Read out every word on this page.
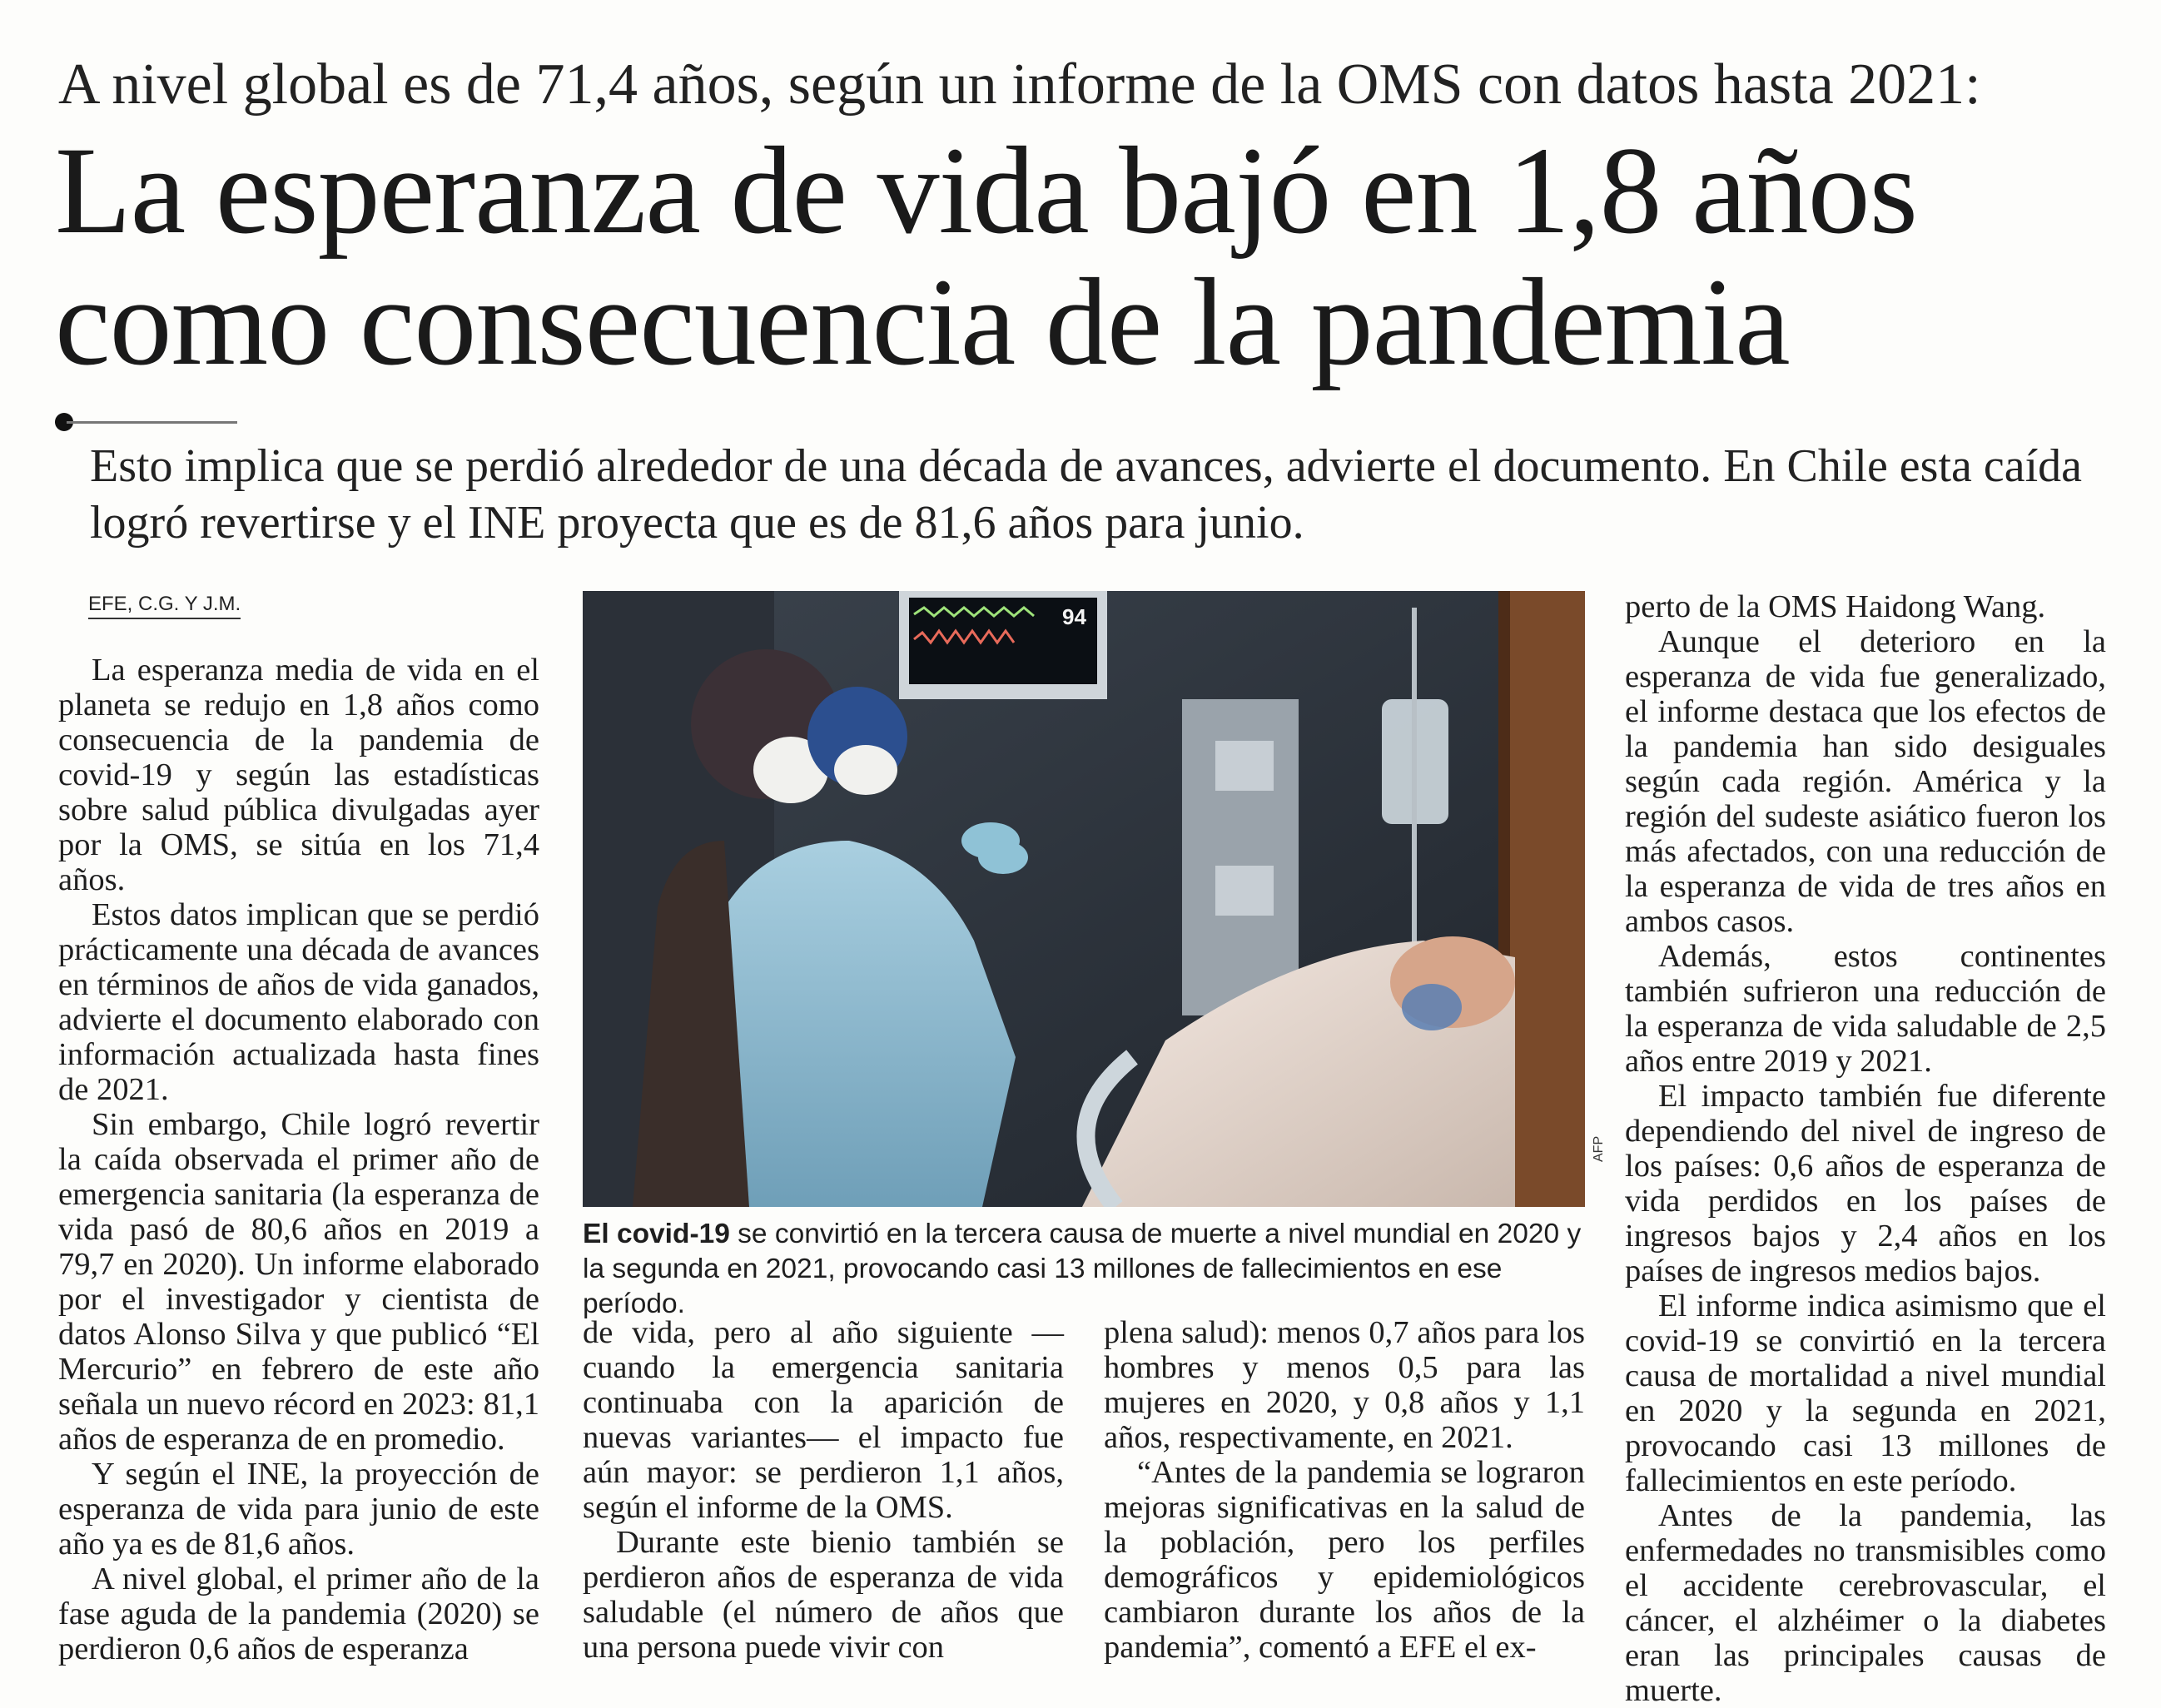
A nivel global es de 71,4 años, según un informe de la OMS con datos hasta 2021:
La esperanza de vida bajó en 1,8 años
como consecuencia de la pandemia
Esto implica que se perdió alrededor de una década de avances, advierte el documento. En Chile esta caída logró revertirse y el INE proyecta que es de 81,6 años para junio.
EFE, C.G. Y J.M.

La esperanza media de vida en el planeta se redujo en 1,8 años como consecuencia de la pandemia de covid-19 y según las estadísticas sobre salud pública divulgadas ayer por la OMS, se sitúa en los 71,4 años.

Estos datos implican que se perdió prácticamente una década de avances en términos de años de vida ganados, advierte el documento elaborado con información actualizada hasta fines de 2021.

Sin embargo, Chile logró revertir la caída observada el primer año de emergencia sanitaria (la esperanza de vida pasó de 80,6 años en 2019 a 79,7 en 2020). Un informe elaborado por el investigador y cientista de datos Alonso Silva y que publicó “El Mercurio” en febrero de este año señala un nuevo récord en 2023: 81,1 años de esperanza de en promedio.

Y según el INE, la proyección de esperanza de vida para junio de este año ya es de 81,6 años.

A nivel global, el primer año de la fase aguda de la pandemia (2020) se perdieron 0,6 años de esperanza

94
AFP
El covid-19 se convirtió en la tercera causa de muerte a nivel mundial en 2020 y la segunda en 2021, provocando casi 13 millones de fallecimientos en ese período.

de vida, pero al año siguiente —cuando la emergencia sanitaria continuaba con la aparición de nuevas variantes— el impacto fue aún mayor: se perdieron 1,1 años, según el informe de la OMS.

Durante este bienio también se perdieron años de esperanza de vida saludable (el número de años que una persona puede vivir con

plena salud): menos 0,7 años para los hombres y menos 0,5 para las mujeres en 2020, y 0,8 años y 1,1 años, respectivamente, en 2021.

“Antes de la pandemia se lograron mejoras significativas en la salud de la población, pero los perfiles demográficos y epidemiológicos cambiaron durante los años de la pandemia”, comentó a EFE el ex-

perto de la OMS Haidong Wang.

Aunque el deterioro en la esperanza de vida fue generalizado, el informe destaca que los efectos de la pandemia han sido desiguales según cada región. América y la región del sudeste asiático fueron los más afectados, con una reducción de la esperanza de vida de tres años en ambos casos.

Además, estos continentes también sufrieron una reducción de la esperanza de vida saludable de 2,5 años entre 2019 y 2021.

El impacto también fue diferente dependiendo del nivel de ingreso de los países: 0,6 años de esperanza de vida perdidos en los países de ingresos bajos y 2,4 años en los países de ingresos medios bajos.

El informe indica asimismo que el covid-19 se convirtió en la tercera causa de mortalidad a nivel mundial en 2020 y la segunda en 2021, provocando casi 13 millones de fallecimientos en este período.

Antes de la pandemia, las enfermedades no transmisibles como el accidente cerebrovascular, el cáncer, el alzhéimer o la diabetes eran las principales causas de muerte.
